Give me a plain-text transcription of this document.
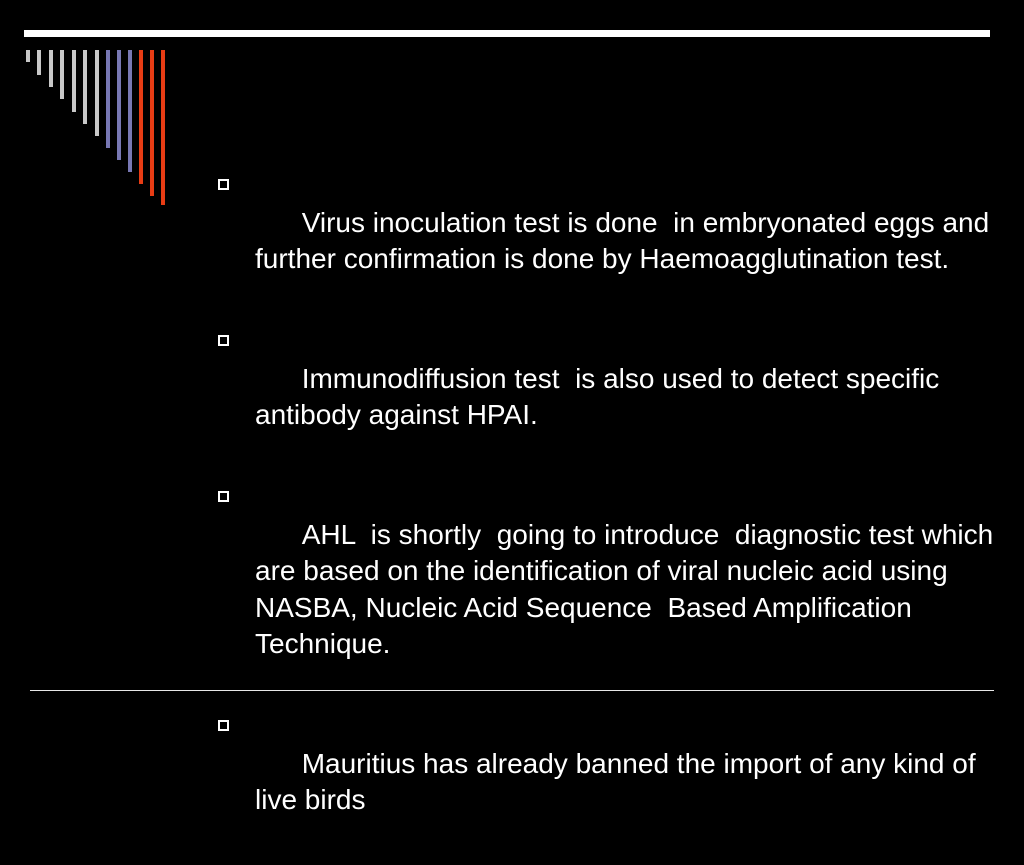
Virus inoculation test is done  in embryonated eggs and further confirmation is done by Haemoagglutination test.

Immunodiffusion test  is also used to detect specific antibody against HPAI.

AHL  is shortly  going to introduce  diagnostic test which are based on the identification of viral nucleic acid using NASBA, Nucleic Acid Sequence  Based Amplification Technique.

Mauritius has already banned the import of any kind of live birds
